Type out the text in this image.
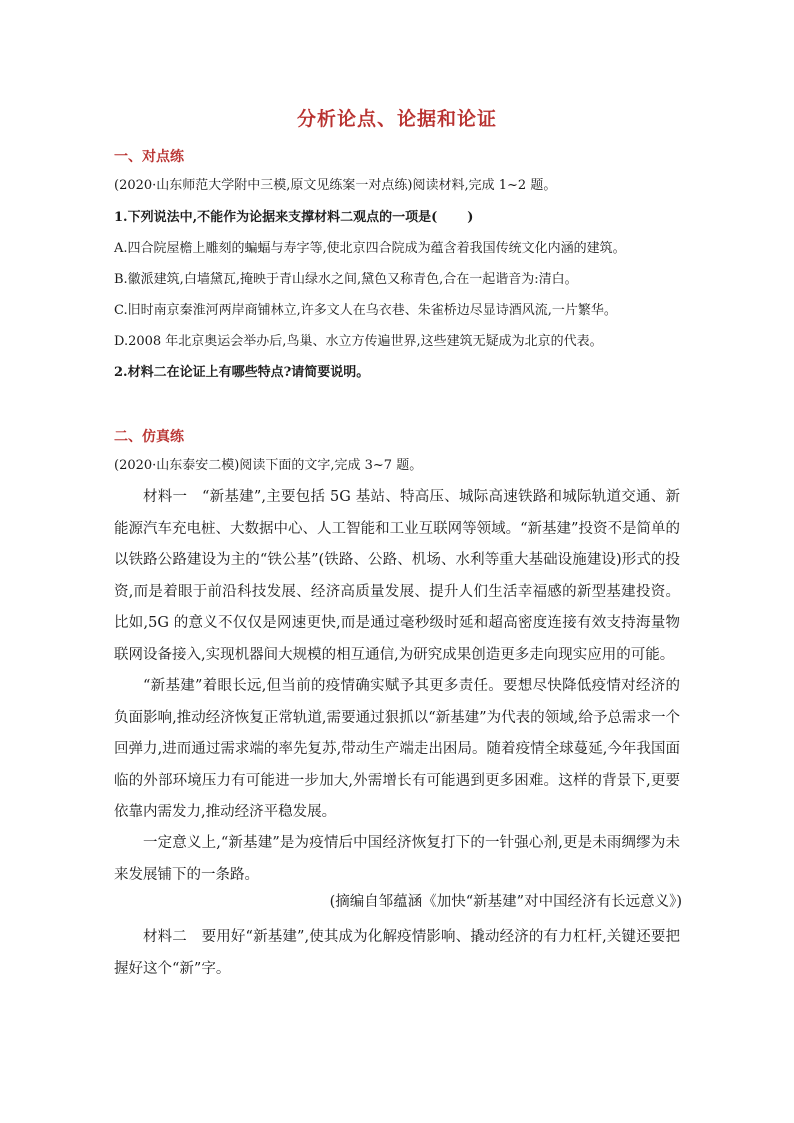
分析论点、论据和论证
一、对点练
(2020·山东师范大学附中三模,原文见练案一对点练)阅读材料,完成 1~2 题。
1.下列说法中,不能作为论据来支撑材料二观点的一项是( )
A.四合院屋檐上雕刻的蝙蝠与寿字等,使北京四合院成为蕴含着我国传统文化内涵的建筑。
B.徽派建筑,白墙黛瓦,掩映于青山绿水之间,黛色又称青色,合在一起谐音为:清白。
C.旧时南京秦淮河两岸商铺林立,许多文人在乌衣巷、朱雀桥边尽显诗酒风流,一片繁华。
D.2008 年北京奥运会举办后,鸟巢、水立方传遍世界,这些建筑无疑成为北京的代表。
2.材料二在论证上有哪些特点?请简要说明。
二、仿真练
(2020·山东泰安二模)阅读下面的文字,完成 3~7 题。
材料一　“新基建”,主要包括 5G 基站、特高压、城际高速铁路和城际轨道交通、新能源汽车充电桩、大数据中心、人工智能和工业互联网等领域。“新基建”投资不是简单的以铁路公路建设为主的“铁公基”(铁路、公路、机场、水利等重大基础设施建设)形式的投资,而是着眼于前沿科技发展、经济高质量发展、提升人们生活幸福感的新型基建投资。比如,5G 的意义不仅仅是网速更快,而是通过毫秒级时延和超高密度连接有效支持海量物联网设备接入,实现机器间大规模的相互通信,为研究成果创造更多走向现实应用的可能。
“新基建”着眼长远,但当前的疫情确实赋予其更多责任。要想尽快降低疫情对经济的负面影响,推动经济恢复正常轨道,需要通过狠抓以“新基建”为代表的领域,给予总需求一个回弹力,进而通过需求端的率先复苏,带动生产端走出困局。随着疫情全球蔓延,今年我国面临的外部环境压力有可能进一步加大,外需增长有可能遇到更多困难。这样的背景下,更要依靠内需发力,推动经济平稳发展。
一定意义上,“新基建”是为疫情后中国经济恢复打下的一针强心剂,更是未雨绸缪为未来发展铺下的一条路。
(摘编自邹蕴涵《加快“新基建”对中国经济有长远意义》)
材料二　要用好“新基建”,使其成为化解疫情影响、撬动经济的有力杠杆,关键还要把握好这个“新”字。
